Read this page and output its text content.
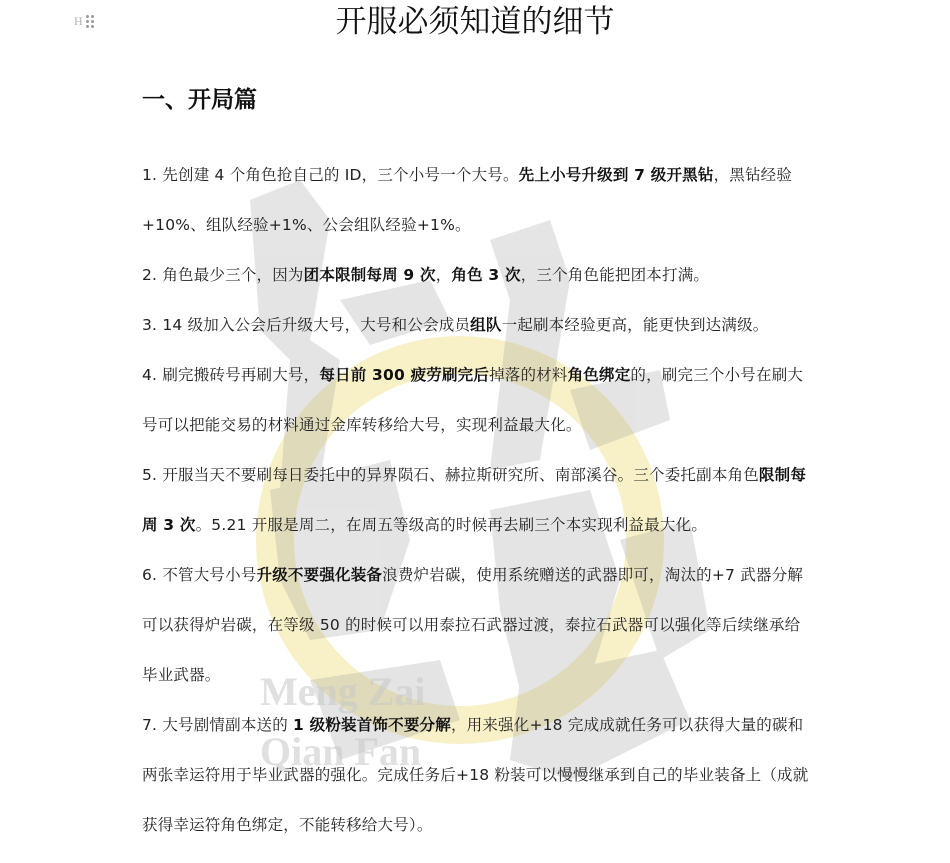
H
Meng Zai
Qian Fan
开服必须知道的细节
一、开局篇

1. 先创建 4 个角色抢自己的 ID，三个小号一个大号。先上小号升级到 7 级开黑钻，黑钻经验+10%、组队经验+1%、公会组队经验+1%。

2. 角色最少三个，因为团本限制每周 9 次，角色 3 次，三个角色能把团本打满。

3. 14 级加入公会后升级大号，大号和公会成员组队一起刷本经验更高，能更快到达满级。

4. 刷完搬砖号再刷大号，每日前 300 疲劳刷完后掉落的材料角色绑定的，刷完三个小号在刷大号可以把能交易的材料通过金库转移给大号，实现利益最大化。

5. 开服当天不要刷每日委托中的异界陨石、赫拉斯研究所、南部溪谷。三个委托副本角色限制每周 3 次。5.21 开服是周二，在周五等级高的时候再去刷三个本实现利益最大化。

6. 不管大号小号升级不要强化装备浪费炉岩碳，使用系统赠送的武器即可，淘汰的+7 武器分解可以获得炉岩碳，在等级 50 的时候可以用泰拉石武器过渡，泰拉石武器可以强化等后续继承给毕业武器。

7. 大号剧情副本送的 1 级粉装首饰不要分解，用来强化+18 完成成就任务可以获得大量的碳和两张幸运符用于毕业武器的强化。完成任务后+18 粉装可以慢慢继承到自己的毕业装备上（成就获得幸运符角色绑定，不能转移给大号）。
